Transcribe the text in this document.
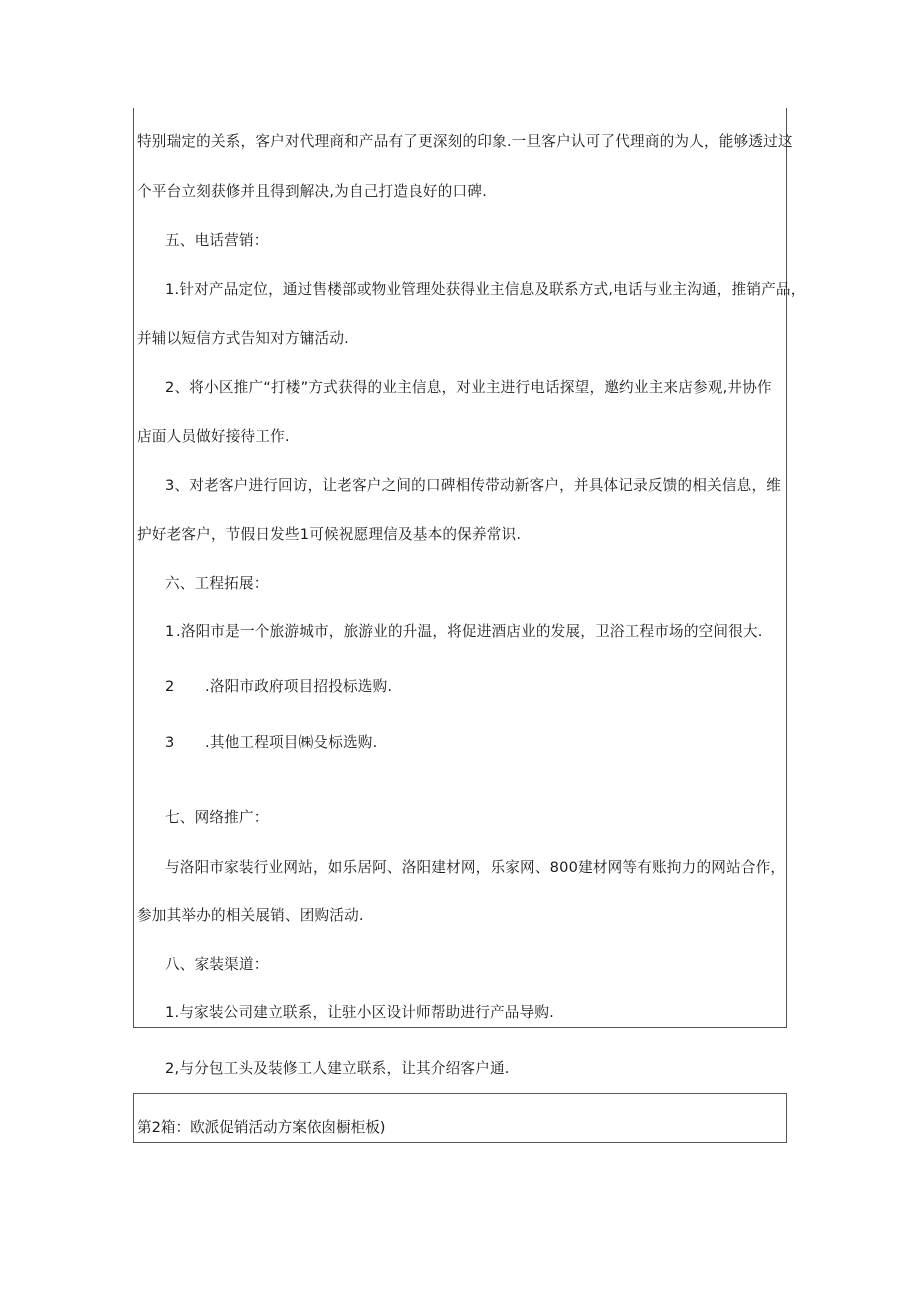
特别瑞定的关系，客户对代理商和产品有了更深刻的印象.一旦客户认可了代理商的为人，能够透过这
个平台立刻获修并且得到解决,为自己打造良好的口碑.
五、电话营销：
1.针对产品定位，通过售楼部或物业管理处获得业主信息及联系方式,电话与业主沟通，推销产品，
并辅以短信方式告知对方镛活动.
2、将小区推广“打楼”方式获得的业主信息，对业主进行电话探望，邀约业主来店参观,井协作
店面人员做好接待工作.
3、对老客户进行回访，让老客户之间的口碑相传带动新客户，并具体记录反馈的相关信息，维
护好老客户，节假日发些1可候祝愿理信及基本的保养常识.
六、工程拓展：
1 .洛阳市是一个旅游城市，旅游业的升温，将促进酒店业的发展，卫浴工程市场的空间很大.
2 .洛阳市政府项目招投标选购.
3 .其他工程项目㈱殳标选购.
七、网络推广：
与洛阳市家装行业网站，如乐居阿、洛阳建材网，乐家网、800建材网等有账拘力的网站合作，
参加其举办的相关展销、团购活动.
八、家装渠道：
1.与家装公司建立联系，让驻小区设计师帮助进行产品导购.
2,与分包工头及装修工人建立联系，让其介绍客户通.
第2箱：欧派促销活动方案依囱橱柜板)
